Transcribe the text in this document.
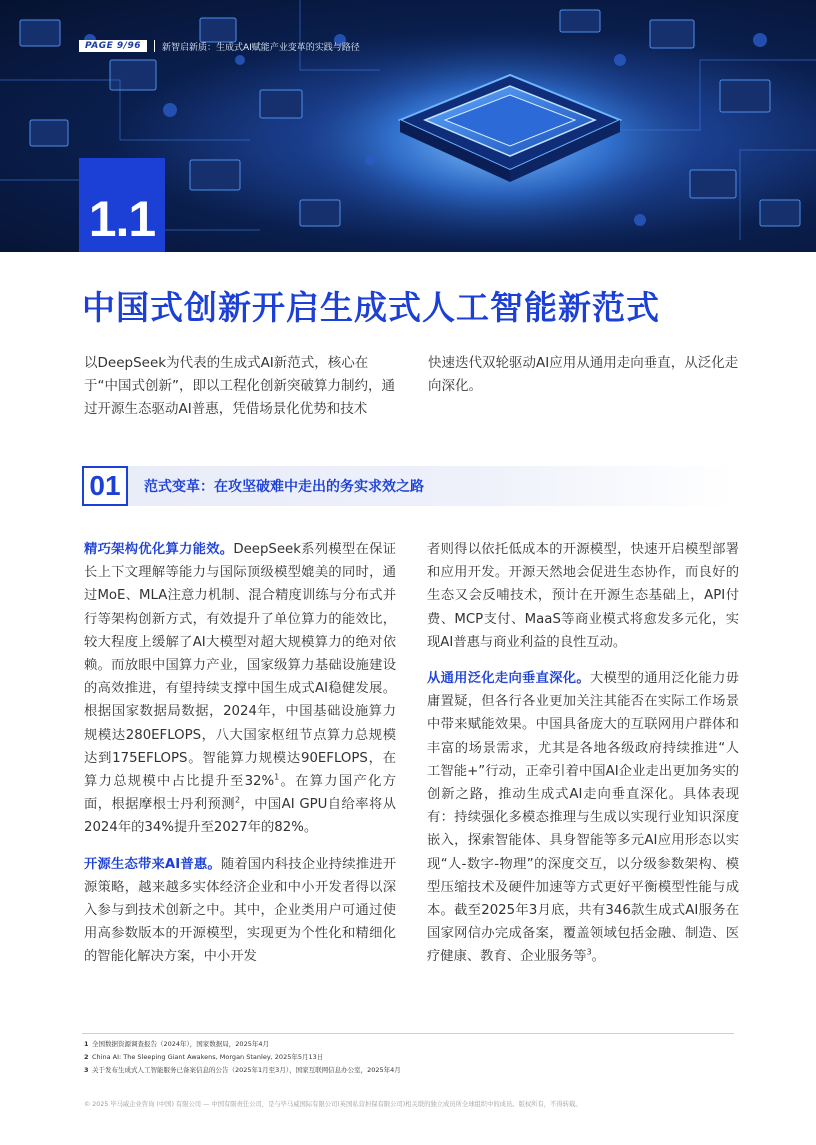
PAGE 9/96	新智启新质：生成式AI赋能产业变革的实践与路径
1.1
中国式创新开启生成式人工智能新范式
以DeepSeek为代表的生成式AI新范式，核心在于“中国式创新”，即以工程化创新突破算力制约，通过开源生态驱动AI普惠，凭借场景化优势和技术
快速迭代双轮驱动AI应用从通用走向垂直，从泛化走向深化。
01	范式变革：在攻坚破难中走出的务实求效之路

精巧架构优化算力能效。DeepSeek系列模型在保证长上下文理解等能力与国际顶级模型媲美的同时，通过MoE、MLA注意力机制、混合精度训练与分布式并行等架构创新方式，有效提升了单位算力的能效比，较大程度上缓解了AI大模型对超大规模算力的绝对依赖。而放眼中国算力产业，国家级算力基础设施建设的高效推进，有望持续支撑中国生成式AI稳健发展。根据国家数据局数据，2024年，中国基础设施算力规模达280EFLOPS，八大国家枢纽节点算力总规模达到175EFLOPS。智能算力规模达90EFLOPS，在算力总规模中占比提升至32%$^1$。在算力国产化方面，根据摩根士丹利预测$^2$，中国AI GPU自给率将从2024年的34%提升至2027年的82%。

开源生态带来AI普惠。随着国内科技企业持续推进开源策略，越来越多实体经济企业和中小开发者得以深入参与到技术创新之中。其中，企业类用户可通过使用高参数版本的开源模型，实现更为个性化和精细化的智能化解决方案，中小开发

者则得以依托低成本的开源模型，快速开启模型部署和应用开发。开源天然地会促进生态协作，而良好的生态又会反哺技术，预计在开源生态基础上，API付费、MCP支付、MaaS等商业模式将愈发多元化，实现AI普惠与商业利益的良性互动。

从通用泛化走向垂直深化。大模型的通用泛化能力毋庸置疑，但各行各业更加关注其能否在实际工作场景中带来赋能效果。中国具备庞大的互联网用户群体和丰富的场景需求，尤其是各地各级政府持续推进“人工智能+”行动，正牵引着中国AI企业走出更加务实的创新之路，推动生成式AI走向垂直深化。具体表现有：持续强化多模态推理与生成以实现行业知识深度嵌入，探索智能体、具身智能等多元AI应用形态以实现“人-数字-物理”的深度交互，以分级参数架构、模型压缩技术及硬件加速等方式更好平衡模型性能与成本。截至2025年3月底，共有346款生成式AI服务在国家网信办完成备案，覆盖领域包括金融、制造、医疗健康、教育、企业服务等$^3$。

1 全国数据资源调查报告（2024年），国家数据局，2025年4月
2 China AI: The Sleeping Giant Awakens, Morgan Stanley, 2025年5月13日
3 关于发布生成式人工智能服务已备案信息的公告（2025年1月至3月），国家互联网信息办公室，2025年4月
© 2025 毕马威企业咨询 (中国) 有限公司 — 中国有限责任公司，是与毕马威国际有限公司(英国私营担保有限公司)相关联的独立成员所全球组织中的成员。版权所有，不得转载。
